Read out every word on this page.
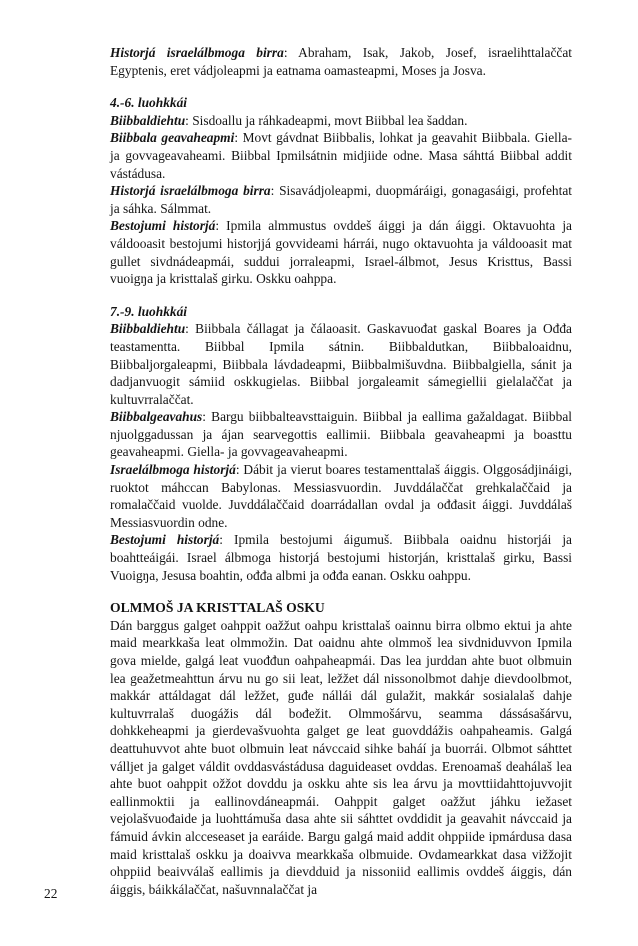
Historjá israelálbmoga birra: Abraham, Isak, Jakob, Josef, israelihttalaččat Egyptenis, eret vádjoleapmi ja eatnama oamasteapmi, Moses ja Josva.

4.-6. luohkkái

Biibbaldiehtu: Sisdoallu ja ráhkadeapmi, movt Biibbal lea šaddan.

Biibbala geavaheapmi: Movt gávdnat Biibbalis, lohkat ja geavahit Biibbala. Giella- ja govvageavaheami. Biibbal Ipmilsátnin midjiide odne. Masa sáhttá Biibbal addit vástádusa.

Historjá israelálbmoga birra: Sisavádjoleapmi, duopmáráigi, gonagasáigi, profehtat ja sáhka. Sálmmat.

Bestojumi historjá: Ipmila almmustus ovddeš áiggi ja dán áiggi. Oktavuohta ja váldooasit bestojumi historjjá govvideami hárrái, nugo oktavuohta ja váldooasit mat gullet sivdnádeapmái, suddui jorraleapmi, Israel-álbmot, Jesus Kristtus, Bassi vuoigŋa ja kristtalaš girku. Oskku oahppa.

7.-9. luohkkái

Biibbaldiehtu: Biibbala čállagat ja čálaoasit. Gaskavuođat gaskal Boares ja Ođđa teastamentta. Biibbal Ipmila sátnin. Biibbaldutkan, Biibbaloaidnu, Biibbaljorgaleapmi, Biibbala lávdadeapmi, Biibbalmišuvdna. Biibbalgiella, sánit ja dadjanvuogit sámiid oskkugielas. Biibbal jorgaleamit sámegiellii gielalaččat ja kultuvrralaččat.

Biibbalgeavahus: Bargu biibbalteavsttaiguin. Biibbal ja eallima gažaldagat. Biibbal njuolggadussan ja ájan searvegottis eallimii. Biibbala geavaheapmi ja boasttu geavaheapmi. Giella- ja govvageavaheapmi.

Israelálbmoga historjá: Dábit ja vierut boares testamenttalaš áiggis. Olggosádjináigi, ruoktot máhccan Babylonas. Messiasvuordin. Juvddálaččat grehkalaččaid ja romalaččaid vuolde. Juvddálaččaid doarrádallan ovdal ja ođđasit áiggi. Juvddálaš Messiasvuordin odne.

Bestojumi historjá: Ipmila bestojumi áigumuš. Biibbala oaidnu historjái ja boahtteáigái. Israel álbmoga historjá bestojumi historján, kristtalaš girku, Bassi Vuoigŋa, Jesusa boahtin, ođđa albmi ja ođđa eanan. Oskku oahppu.

OLMMOŠ JA KRISTTALAŠ OSKU

Dán barggus galget oahppit oažžut oahpu kristtalaš oainnu birra olbmo ektui ja ahte maid mearkkaša leat olmmožin. Dat oaidnu ahte olmmoš lea sivdniduvvon Ipmila gova mielde, galgá leat vuođđun oahpaheapmái. Das lea jurddan ahte buot olbmuin lea geažetmeahttun árvu nu go sii leat, ležžet dál nissonolbmot dahje dievdoolbmot, makkár attáldagat dál ležžet, guđe nállái dál gulažit, makkár sosialalaš dahje kultuvrralaš duogážis dál bođežit. Olmmošárvu, seamma dássásašárvu, dohkkeheapmi ja gierdevašvuohta galget ge leat guovddážis oahpaheamis. Galgá deattuhuvvot ahte buot olbmuin leat návccaid sihke baháí ja buorrái. Olbmot sáhttet válljet ja galget váldit ovddasvástádusa daguideaset ovddas. Erenoamaš deahálaš lea ahte buot oahppit ožžot dovddu ja oskku ahte sis lea árvu ja movttiidahttojuvvojit eallinmoktii ja eallinovdáneapmái. Oahppit galget oažžut jáhku iežaset vejolašvuođaide ja luohttámuša dasa ahte sii sáhttet ovddidit ja geavahit návccaid ja fámuid ávkin alcceseaset ja earáide. Bargu galgá maid addit ohppiide ipmárdusa dasa maid kristtalaš oskku ja doaivva mearkkaša olbmuide. Ovdamearkkat dasa vižžojit ohppiid beaivválaš eallimis ja dievdduid ja nissoniid eallimis ovddeš áiggis, dán áiggis, báikkálaččat, našuvnnalaččat ja

22
